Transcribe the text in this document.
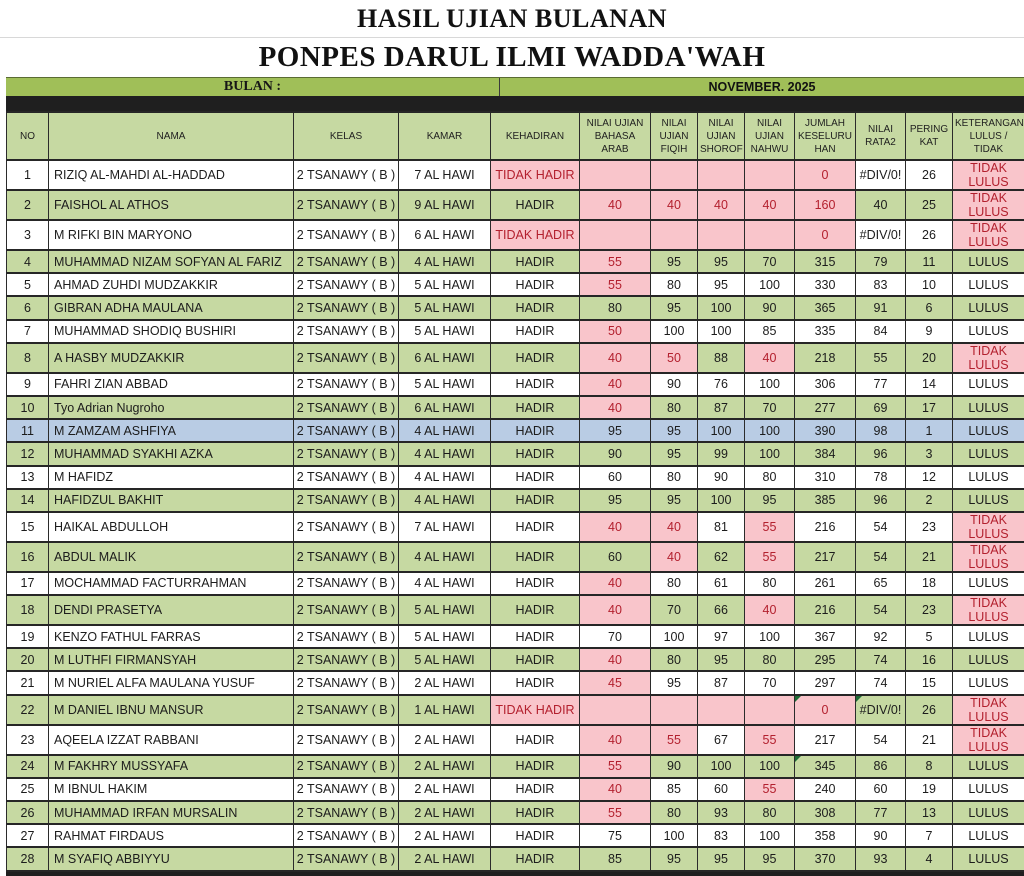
HASIL UJIAN BULANAN
PONPES DARUL ILMI WADDA'WAH
BULAN :	NOVEMBER. 2025
NO	NAMA	KELAS	KAMAR	KEHADIRAN	NILAI UJIAN BAHASA ARAB	NILAI UJIAN FIQIH	NILAI UJIAN SHOROF	NILAI UJIAN NAHWU	JUMLAH KESELURU HAN	NILAI RATA2	PERING KAT	KETERANGAN LULUS / TIDAK
1	RIZIQ AL-MAHDI AL-HADDAD	2 TSANAWY ( B )	7 AL HAWI	TIDAK HADIR					0	#DIV/0!	26	TIDAK LULUS
2	FAISHOL AL ATHOS	2 TSANAWY ( B )	9 AL HAWI	HADIR	40	40	40	40	160	40	25	TIDAK LULUS
3	M RIFKI BIN MARYONO	2 TSANAWY ( B )	6 AL HAWI	TIDAK HADIR					0	#DIV/0!	26	TIDAK LULUS
4	MUHAMMAD NIZAM SOFYAN AL FARIZ	2 TSANAWY ( B )	4 AL HAWI	HADIR	55	95	95	70	315	79	11	LULUS
5	AHMAD ZUHDI MUDZAKKIR	2 TSANAWY ( B )	5 AL HAWI	HADIR	55	80	95	100	330	83	10	LULUS
6	GIBRAN ADHA MAULANA	2 TSANAWY ( B )	5 AL HAWI	HADIR	80	95	100	90	365	91	6	LULUS
7	MUHAMMAD SHODIQ BUSHIRI	2 TSANAWY ( B )	5 AL HAWI	HADIR	50	100	100	85	335	84	9	LULUS
8	A HASBY MUDZAKKIR	2 TSANAWY ( B )	6 AL HAWI	HADIR	40	50	88	40	218	55	20	TIDAK LULUS
9	FAHRI ZIAN ABBAD	2 TSANAWY ( B )	5 AL HAWI	HADIR	40	90	76	100	306	77	14	LULUS
10	Tyo Adrian Nugroho	2 TSANAWY ( B )	6 AL HAWI	HADIR	40	80	87	70	277	69	17	LULUS
11	M ZAMZAM ASHFIYA	2 TSANAWY ( B )	4 AL HAWI	HADIR	95	95	100	100	390	98	1	LULUS
12	MUHAMMAD SYAKHI AZKA	2 TSANAWY ( B )	4 AL HAWI	HADIR	90	95	99	100	384	96	3	LULUS
13	M HAFIDZ	2 TSANAWY ( B )	4 AL HAWI	HADIR	60	80	90	80	310	78	12	LULUS
14	HAFIDZUL BAKHIT	2 TSANAWY ( B )	4 AL HAWI	HADIR	95	95	100	95	385	96	2	LULUS
15	HAIKAL ABDULLOH	2 TSANAWY ( B )	7 AL HAWI	HADIR	40	40	81	55	216	54	23	TIDAK LULUS
16	ABDUL MALIK	2 TSANAWY ( B )	4 AL HAWI	HADIR	60	40	62	55	217	54	21	TIDAK LULUS
17	MOCHAMMAD FACTURRAHMAN	2 TSANAWY ( B )	4 AL HAWI	HADIR	40	80	61	80	261	65	18	LULUS
18	DENDI PRASETYA	2 TSANAWY ( B )	5 AL HAWI	HADIR	40	70	66	40	216	54	23	TIDAK LULUS
19	KENZO FATHUL FARRAS	2 TSANAWY ( B )	5 AL HAWI	HADIR	70	100	97	100	367	92	5	LULUS
20	M LUTHFI FIRMANSYAH	2 TSANAWY ( B )	5 AL HAWI	HADIR	40	80	95	80	295	74	16	LULUS
21	M NURIEL ALFA MAULANA YUSUF	2 TSANAWY ( B )	2 AL HAWI	HADIR	45	95	87	70	297	74	15	LULUS
22	M DANIEL IBNU MANSUR	2 TSANAWY ( B )	1 AL HAWI	TIDAK HADIR					0	#DIV/0!	26	TIDAK LULUS
23	AQEELA IZZAT RABBANI	2 TSANAWY ( B )	2 AL HAWI	HADIR	40	55	67	55	217	54	21	TIDAK LULUS
24	M FAKHRY MUSSYAFA	2 TSANAWY ( B )	2 AL HAWI	HADIR	55	90	100	100	345	86	8	LULUS
25	M IBNUL HAKIM	2 TSANAWY ( B )	2 AL HAWI	HADIR	40	85	60	55	240	60	19	LULUS
26	MUHAMMAD IRFAN MURSALIN	2 TSANAWY ( B )	2 AL HAWI	HADIR	55	80	93	80	308	77	13	LULUS
27	RAHMAT FIRDAUS	2 TSANAWY ( B )	2 AL HAWI	HADIR	75	100	83	100	358	90	7	LULUS
28	M SYAFIQ ABBIYYU	2 TSANAWY ( B )	2 AL HAWI	HADIR	85	95	95	95	370	93	4	LULUS
